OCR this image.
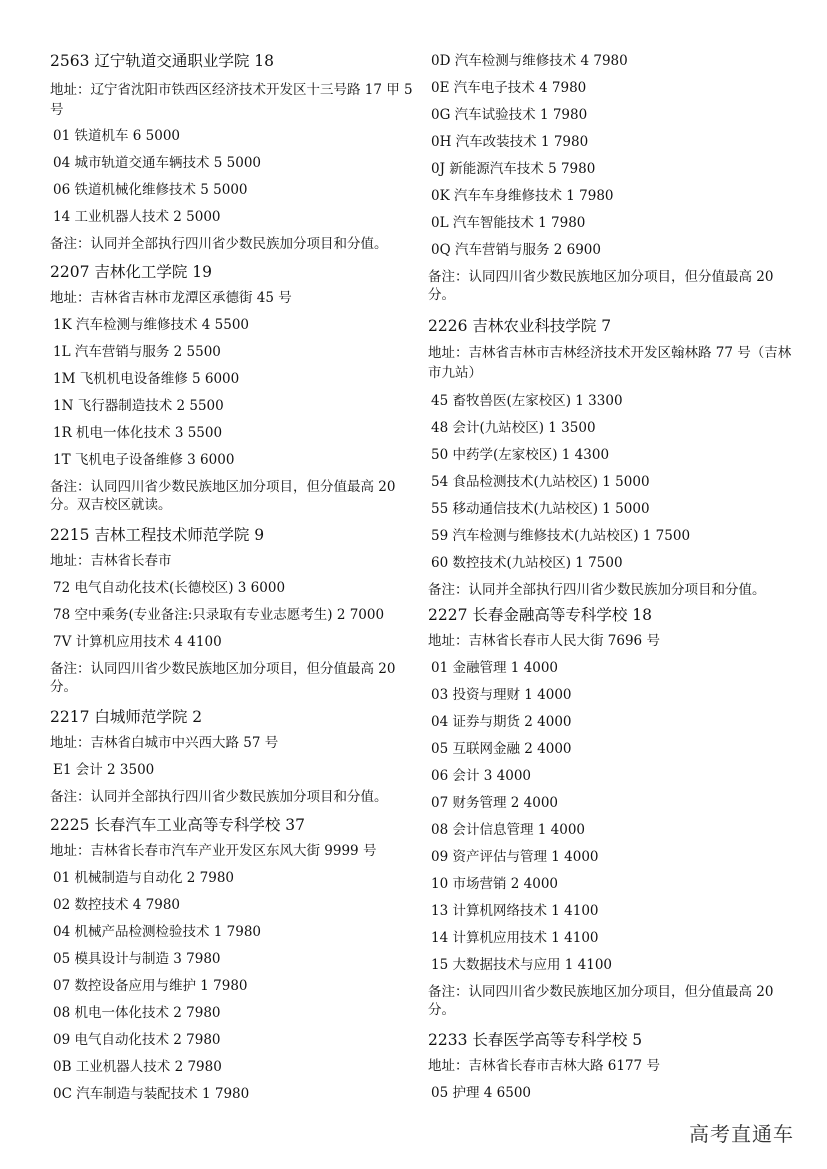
2563 辽宁轨道交通职业学院 18
地址：辽宁省沈阳市铁西区经济技术开发区十三号路 17 甲 5 号
01 铁道机车 6 5000
04 城市轨道交通车辆技术 5 5000
06 铁道机械化维修技术 5 5000
14 工业机器人技术 2 5000
备注：认同并全部执行四川省少数民族加分项目和分值。
2207 吉林化工学院 19
地址：吉林省吉林市龙潭区承德街 45 号
1K 汽车检测与维修技术 4 5500
1L 汽车营销与服务 2 5500
1M 飞机机电设备维修 5 6000
1N 飞行器制造技术 2 5500
1R 机电一体化技术 3 5500
1T 飞机电子设备维修 3 6000
备注：认同四川省少数民族地区加分项目，但分值最高 20 分。双吉校区就读。
2215 吉林工程技术师范学院 9
地址：吉林省长春市
72 电气自动化技术(长德校区) 3 6000
78 空中乘务(专业备注:只录取有专业志愿考生) 2 7000
7V 计算机应用技术 4 4100
备注：认同四川省少数民族地区加分项目，但分值最高 20 分。
2217 白城师范学院 2
地址：吉林省白城市中兴西大路 57 号
E1 会计 2 3500
备注：认同并全部执行四川省少数民族加分项目和分值。
2225 长春汽车工业高等专科学校 37
地址：吉林省长春市汽车产业开发区东风大街 9999 号
01 机械制造与自动化 2 7980
02 数控技术 4 7980
04 机械产品检测检验技术 1 7980
05 模具设计与制造 3 7980
07 数控设备应用与维护 1 7980
08 机电一体化技术 2 7980
09 电气自动化技术 2 7980
0B 工业机器人技术 2 7980
0C 汽车制造与装配技术 1 7980
0D 汽车检测与维修技术 4 7980
0E 汽车电子技术 4 7980
0G 汽车试验技术 1 7980
0H 汽车改装技术 1 7980
0J 新能源汽车技术 5 7980
0K 汽车车身维修技术 1 7980
0L 汽车智能技术 1 7980
0Q 汽车营销与服务 2 6900
备注：认同四川省少数民族地区加分项目，但分值最高 20 分。
2226 吉林农业科技学院 7
地址：吉林省吉林市吉林经济技术开发区翰林路 77 号（吉林市九站）
45 畜牧兽医(左家校区) 1 3300
48 会计(九站校区) 1 3500
50 中药学(左家校区) 1 4300
54 食品检测技术(九站校区) 1 5000
55 移动通信技术(九站校区) 1 5000
59 汽车检测与维修技术(九站校区) 1 7500
60 数控技术(九站校区) 1 7500
备注：认同并全部执行四川省少数民族加分项目和分值。
2227 长春金融高等专科学校 18
地址：吉林省长春市人民大街 7696 号
01 金融管理 1 4000
03 投资与理财 1 4000
04 证券与期货 2 4000
05 互联网金融 2 4000
06 会计 3 4000
07 财务管理 2 4000
08 会计信息管理 1 4000
09 资产评估与管理 1 4000
10 市场营销 2 4000
13 计算机网络技术 1 4100
14 计算机应用技术 1 4100
15 大数据技术与应用 1 4100
备注：认同四川省少数民族地区加分项目，但分值最高 20 分。
2233 长春医学高等专科学校 5
地址：吉林省长春市吉林大路 6177 号
05 护理 4 6500
高考直通车
